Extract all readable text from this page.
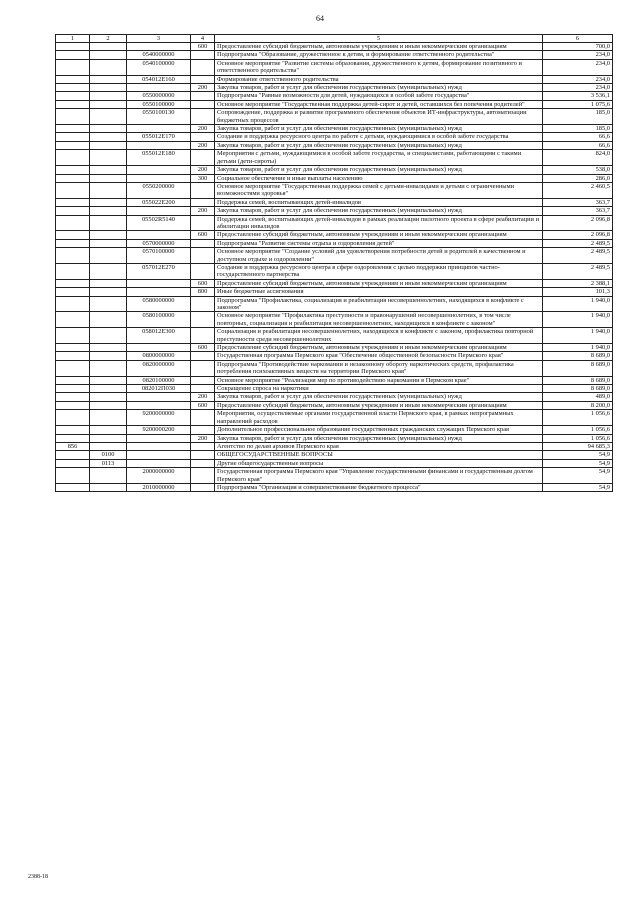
64
1	2	3	4	5	6
			600	Предоставление субсидий бюджетным, автономным учреждениям и иным некоммерческим организациям	700,0
		0540000000		Подпрограмма "Образование, дружественное к детям, и формирование ответственного родительства"	234,0
		0540100000		Основное мероприятие "Развитие системы образования, дружественного к детям, формирование позитивного и ответственного родительства"	234,0
		054012Е160		Формирование ответственного родительства	234,0
			200	Закупка товаров, работ и услуг для обеспечения государственных (муниципальных) нужд	234,0
		0550000000		Подпрограмма "Равные возможности для детей, нуждающихся в особой заботе государства"	3 536,1
		0550100000		Основное мероприятие "Государственная поддержка детей-сирот и детей, оставшихся без попечения родителей"	1 075,6
		0550100130		Сопровождение, поддержка и развитие программного обеспечения объектов ИТ-инфраструктуры, автоматизации бюджетных процессов	185,0
			200	Закупка товаров, работ и услуг для обеспечения государственных (муниципальных) нужд	185,0
		055012Е170		Создание и поддержка ресурсного центра по работе с детьми, нуждающимися в особой заботе государства	66,6
			200	Закупка товаров, работ и услуг для обеспечения государственных (муниципальных) нужд	66,6
		055012Е180		Мероприятия с детьми, нуждающимися в особой заботе государства, и специалистами, работающими с такими детьми (дети-сироты)	824,0
			200	Закупка товаров, работ и услуг для обеспечения государственных (муниципальных) нужд	538,0
			300	Социальное обеспечение и иные выплаты населению	286,0
		0550200000		Основное мероприятие "Государственная поддержка семей с детьми-инвалидами и детьми с ограниченными возможностями здоровья"	2 460,5
		055022Е200		Поддержка семей, воспитывающих детей-инвалидов	363,7
			200	Закупка товаров, работ и услуг для обеспечения государственных (муниципальных) нужд	363,7
		05502R5140		Поддержка семей, воспитывающих детей-инвалидов в рамках реализации пилотного проекта в сфере реабилитации и абилитации инвалидов	2 096,8
			600	Предоставление субсидий бюджетным, автономным учреждениям и иным некоммерческим организациям	2 096,8
		0570000000		Подпрограмма "Развитие системы отдыха и оздоровления детей"	2 489,5
		0570100000		Основное мероприятие "Создание условий для удовлетворения потребности детей и родителей в качественном и доступном отдыхе и оздоровлении"	2 489,5
		057012Е270		Создание и поддержка ресурсного центра в сфере оздоровления с целью поддержки принципов частно-государственного партнерства	2 489,5
			600	Предоставление субсидий бюджетным, автономным учреждениям и иным некоммерческим организациям	2 388,1
			800	Иные бюджетные ассигнования	101,3
		0580000000		Подпрограмма "Профилактика, социализация и реабилитация несовершеннолетних, находящихся в конфликте с законом"	1 940,0
		0580100000		Основное мероприятие "Профилактика преступности и правонарушений несовершеннолетних, в том числе повторных, социализация и реабилитация несовершеннолетних, находящихся в конфликте с законом"	1 940,0
		058012Е300		Социализация и реабилитация несовершеннолетних, находящихся в конфликте с законом, профилактика повторной преступности среди несовершеннолетних	1 940,0
			600	Предоставление субсидий бюджетным, автономным учреждениям и иным некоммерческим организациям	1 940,0
		0800000000		Государственная программа Пермского края "Обеспечение общественной безопасности Пермского края"	8 689,0
		0820000000		Подпрограмма "Противодействие наркомании и незаконному обороту наркотических средств, профилактика потребления психоактивных веществ на территории Пермского края"	8 689,0
		0820100000		Основное мероприятие "Реализация мер по противодействию наркомании в Пермском крае"	8 689,0
		082012П030		Сокращение спроса на наркотики	8 689,0
			200	Закупка товаров, работ и услуг для обеспечения государственных (муниципальных) нужд	489,0
			600	Предоставление субсидий бюджетным, автономным учреждениям и иным некоммерческим организациям	8 200,0
		9200000000		Мероприятия, осуществляемые органами государственной власти Пермского края, в рамках непрограммных направлений расходов	1 056,6
		9200000200		Дополнительное профессиональное образование государственных гражданских служащих Пермского края	1 056,6
			200	Закупка товаров, работ и услуг для обеспечения государственных (муниципальных) нужд	1 056,6
856				Агентство по делам архивов Пермского края	94 685,3
	0100			ОБЩЕГОСУДАРСТВЕННЫЕ ВОПРОСЫ	54,9
	0113			Другие общегосударственные вопросы	54,9
		2000000000		Государственная программа Пермского края "Управление государственными финансами и государственным долгом Пермского края"	54,9
		2010000000		Подпрограмма "Организация и совершенствование бюджетного процесса"	54,9
2388-18
